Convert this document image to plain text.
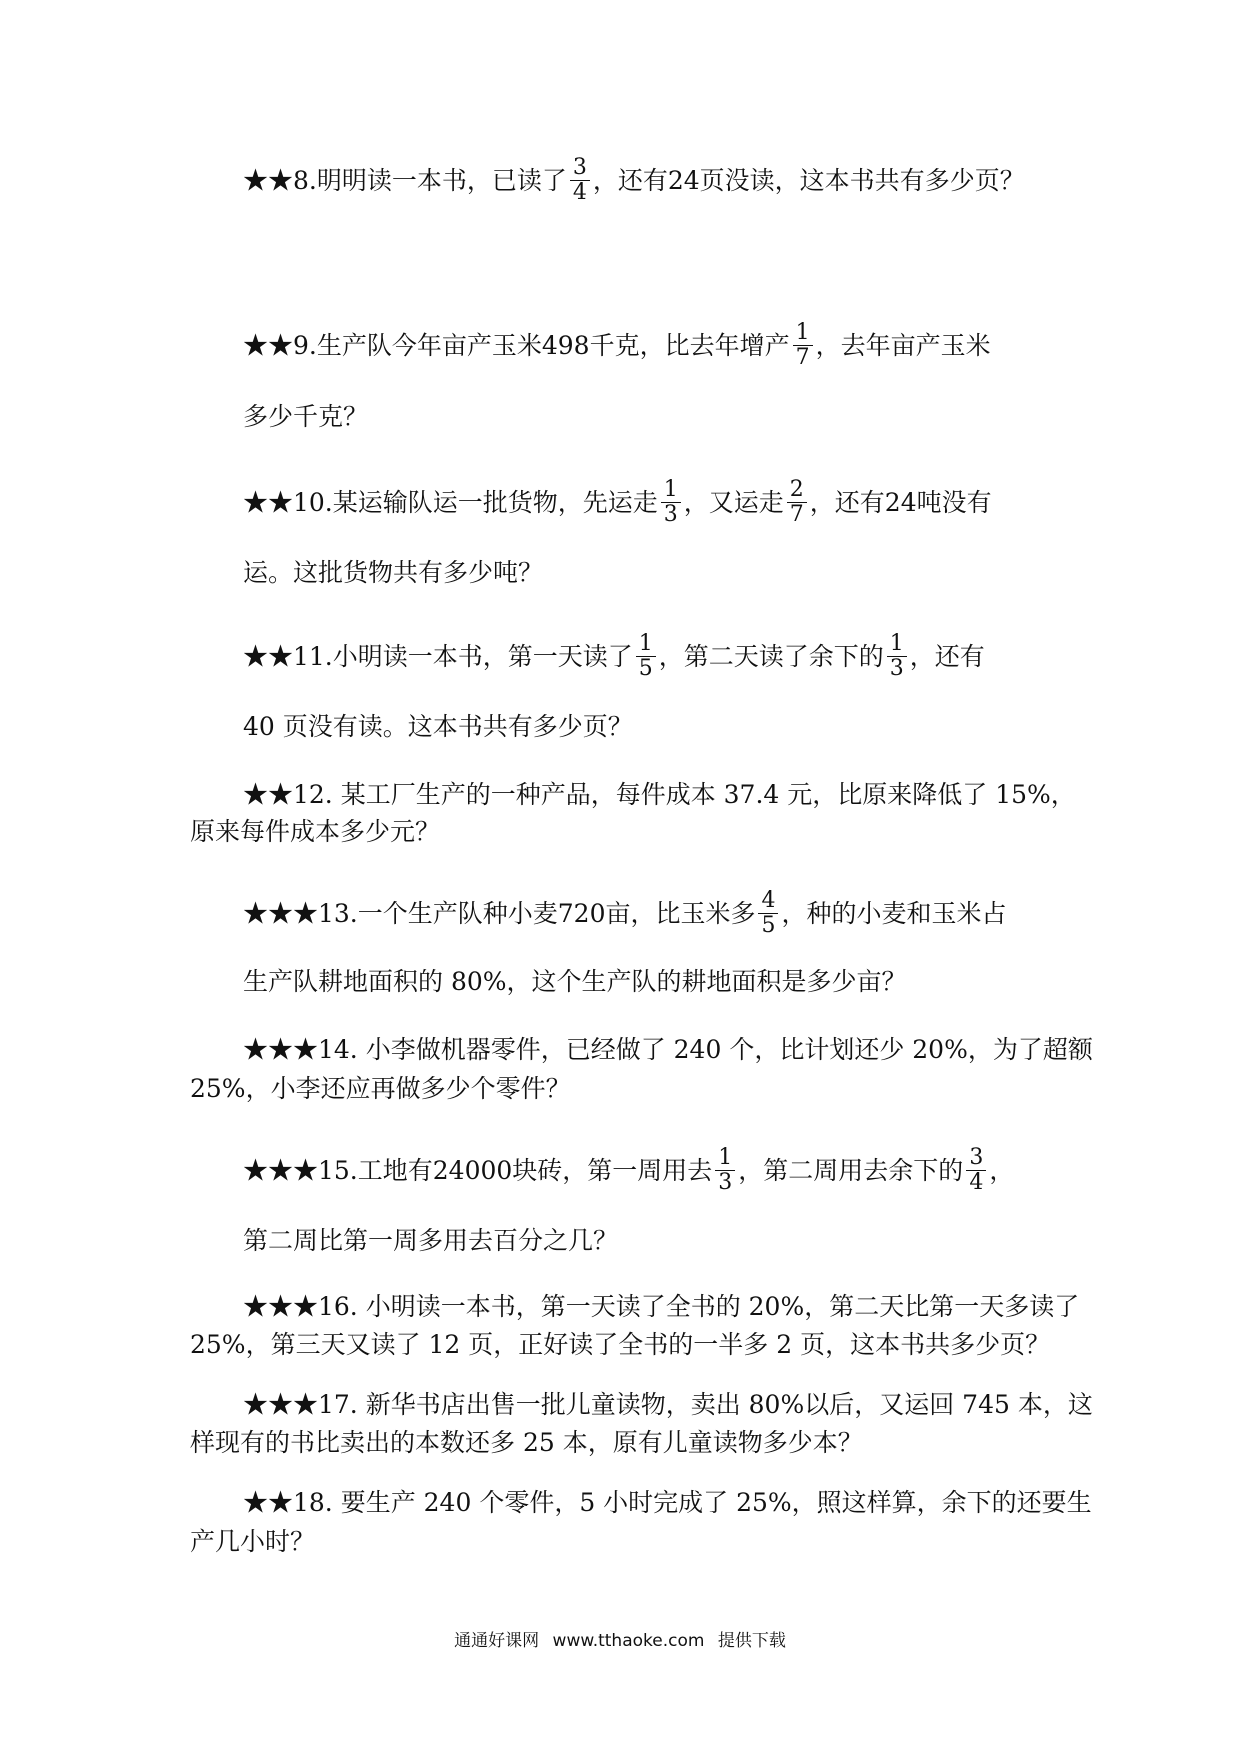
★★8.明明读一本书，已读了 $\frac{3}{4}$ ，还有24页没读，这本书共有多少页？
★★9.生产队今年亩产玉米498千克，比去年增产 $\frac{1}{7}$ ，去年亩产玉米
多少千克？
★★10.某运输队运一批货物，先运走 $\frac{1}{3}$ ，又运走 $\frac{2}{7}$ ，还有24吨没有
运。这批货物共有多少吨？
★★11.小明读一本书，第一天读了 $\frac{1}{5}$ ，第二天读了余下的 $\frac{1}{3}$ ，还有
40 页没有读。这本书共有多少页？
★★12. 某工厂生产的一种产品，每件成本 37.4 元，比原来降低了 15%，
原来每件成本多少元？
★★★13.一个生产队种小麦720亩，比玉米多 $\frac{4}{5}$ ，种的小麦和玉米占
生产队耕地面积的 80%，这个生产队的耕地面积是多少亩？
★★★14. 小李做机器零件，已经做了 240 个，比计划还少 20%，为了超额
25%，小李还应再做多少个零件？
★★★15.工地有24000块砖，第一周用去 $\frac{1}{3}$ ，第二周用去余下的 $\frac{3}{4}$ ，
第二周比第一周多用去百分之几？
★★★16. 小明读一本书，第一天读了全书的 20%，第二天比第一天多读了
25%，第三天又读了 12 页，正好读了全书的一半多 2 页，这本书共多少页？
★★★17. 新华书店出售一批儿童读物，卖出 80%以后，又运回 745 本，这
样现有的书比卖出的本数还多 25 本，原有儿童读物多少本？
★★18. 要生产 240 个零件，5 小时完成了 25%，照这样算，余下的还要生
产几小时？
通通好课网 www.tthaoke.com 提供下载
